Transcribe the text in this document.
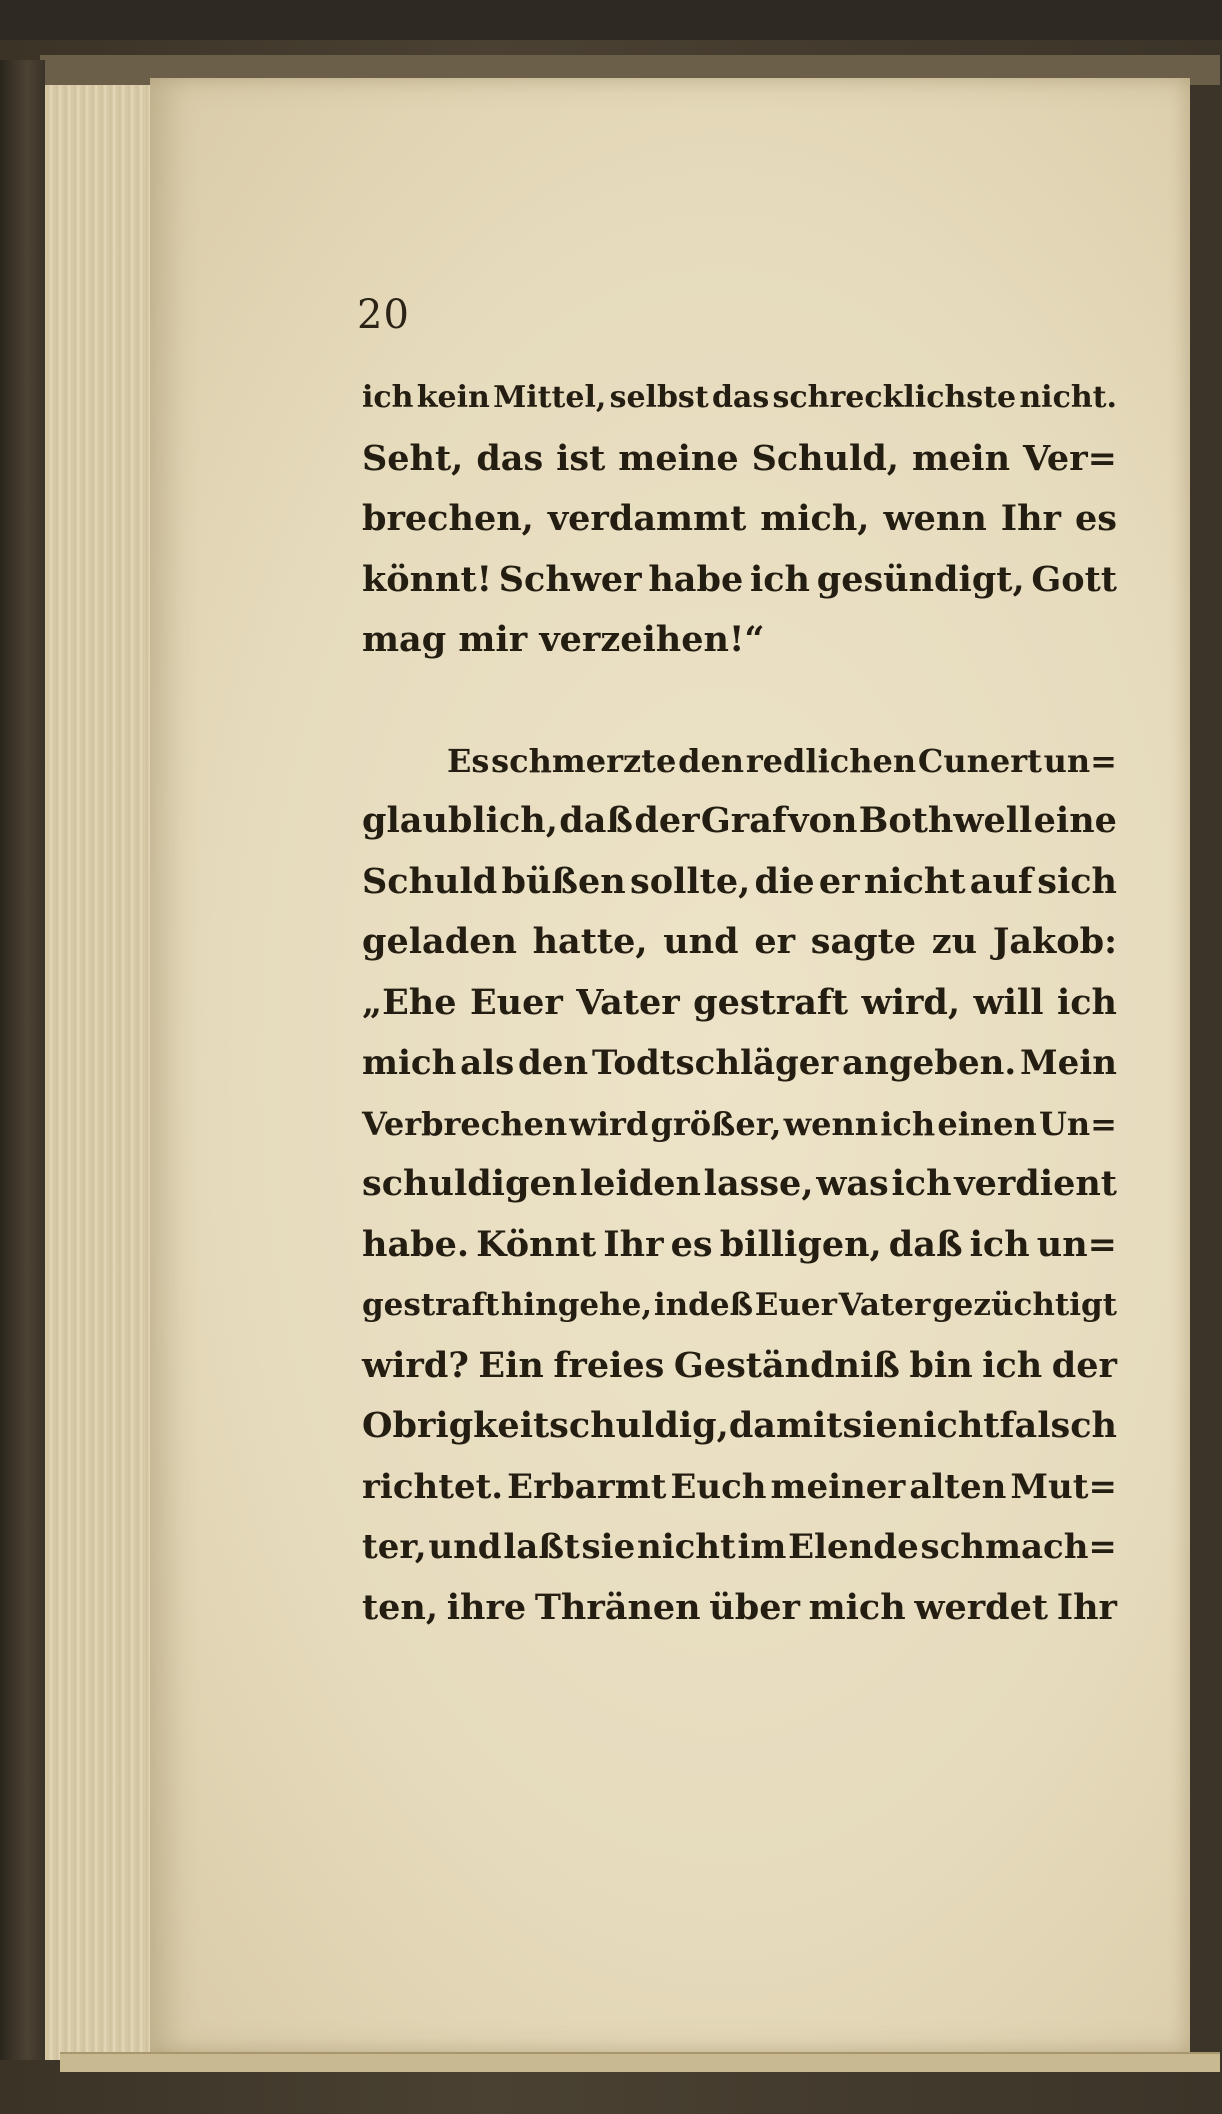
20
ich kein Mittel, selbst das schrecklichste nicht.
Seht, das ist meine Schuld, mein Ver=
brechen, verdammt mich, wenn Ihr es
könnt! Schwer habe ich gesündigt, Gott
mag mir verzeihen!“
Es schmerzte den redlichen Cunert un=
glaublich, daß der Graf von Bothwell eine
Schuld büßen sollte, die er nicht auf sich
geladen hatte, und er sagte zu Jakob:
„Ehe Euer Vater gestraft wird, will ich
mich als den Todtschläger angeben. Mein
Verbrechen wird größer, wenn ich einen Un=
schuldigen leiden lasse, was ich verdient
habe. Könnt Ihr es billigen, daß ich un=
gestraft hingehe, indeß Euer Vater gezüchtigt
wird? Ein freies Geständniß bin ich der
Obrigkeit schuldig, damit sie nicht falsch
richtet. Erbarmt Euch meiner alten Mut=
ter, und laßt sie nicht im Elende schmach=
ten, ihre Thränen über mich werdet Ihr
